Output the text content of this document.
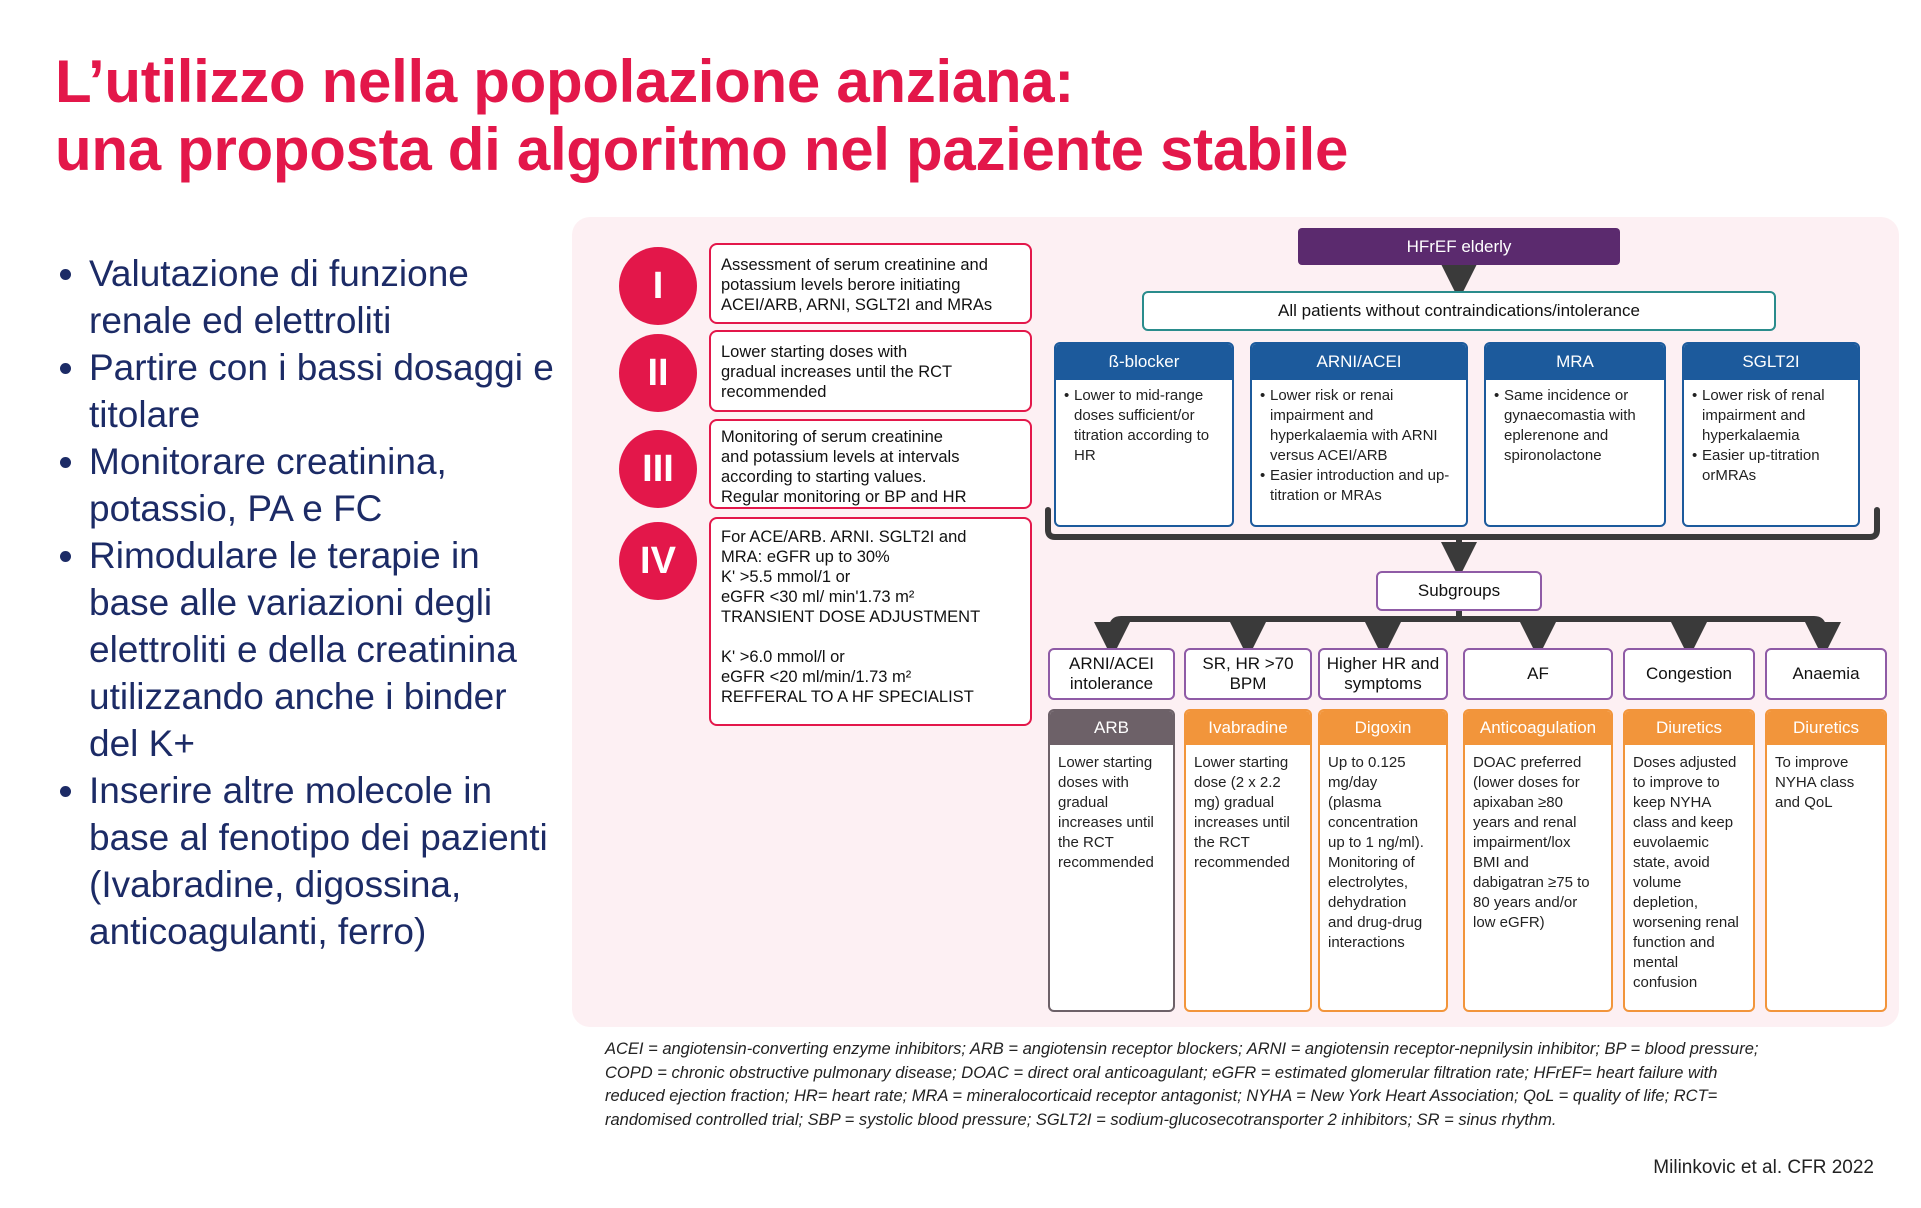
L’utilizzo nella popolazione anziana:
una proposta di algoritmo nel paziente stabile
Valutazione di funzione renale ed elettroliti
Partire con i bassi dosaggi e titolare
Monitorare creatinina, potassio, PA e FC
Rimodulare le terapie in base alle variazioni degli elettroliti e della creatinina utilizzando anche i binder del K+
Inserire altre molecole in base al fenotipo dei pazienti (Ivabradine, digossina, anticoagulanti, ferro)
I	Assessment of serum creatinine and
potassium levels berore initiating
ACEI/ARB, ARNI, SGLT2I and MRAs
II	Lower starting doses with
gradual increases until the RCT
recommended
III
Monitoring of serum creatinine
and potassium levels at intervals
according to starting values.
Regular monitoring or BP and HR
IV
For ACE/ARB. ARNI. SGLT2I and
MRA: eGFR up to 30%
K' >5.5 mmol/1 or
eGFR <30 ml/ min'1.73 m²
TRANSIENT DOSE ADJUSTMENT
K' >6.0 mmol/l or
eGFR <20 ml/min/1.73 m²
REFFERAL TO A HF SPECIALIST
HFrEF elderly
All patients without contraindications/intolerance
ß-blocker
• Lower to mid-range doses sufficient/or titration according to HR
ARNI/ACEI
• Lower risk or renai impairment and hyperkalaemia with ARNI versus ACEI/ARB
• Easier introduction and up-titration or MRAs
MRA
• Same incidence or gynaecomastia with eplerenone and spironolactone
SGLT2I
• Lower risk of renal impairment and hyperkalaemia
• Easier up-titration orMRAs
Subgroups
ARNI/ACEI intolerance
SR, HR >70 BPM
Higher HR and symptoms
AF	Congestion	Anaemia
ARB
Lower starting
doses with
gradual
increases until
the RCT
recommended
Ivabradine
Lower starting
dose (2 x 2.2
mg) gradual
increases until
the RCT
recommended
Digoxin
Up to 0.125
mg/day
(plasma
concentration
up to 1 ng/ml).
Monitoring of
electrolytes,
dehydration
and drug-drug
interactions
Anticoagulation
DOAC preferred
(lower doses for
apixaban ≥80
years and renal
impairment/lox
BMI and
dabigatran ≥75 to
80 years and/or
low eGFR)
Diuretics
Doses adjusted
to improve to
keep NYHA
class and keep
euvolaemic
state, avoid
volume
depletion,
worsening renal
function and
mental
confusion
Diuretics
To improve
NYHA class
and QoL
ACEI = angiotensin-converting enzyme inhibitors; ARB = angiotensin receptor blockers; ARNI = angiotensin receptor-nepnilysin inhibitor; BP = blood pressure;
COPD = chronic obstructive pulmonary disease; DOAC = direct oral anticoagulant; eGFR = estimated glomerular filtration rate; HFrEF= heart failure with
reduced ejection fraction; HR= heart rate; MRA = mineralocorticaid receptor antagonist; NYHA = New York Heart Association; QoL = quality of life; RCT=
randomised controlled trial; SBP = systolic blood pressure; SGLT2I = sodium-glucosecotransporter 2 inhibitors; SR = sinus rhythm.
Milinkovic et al. CFR 2022
